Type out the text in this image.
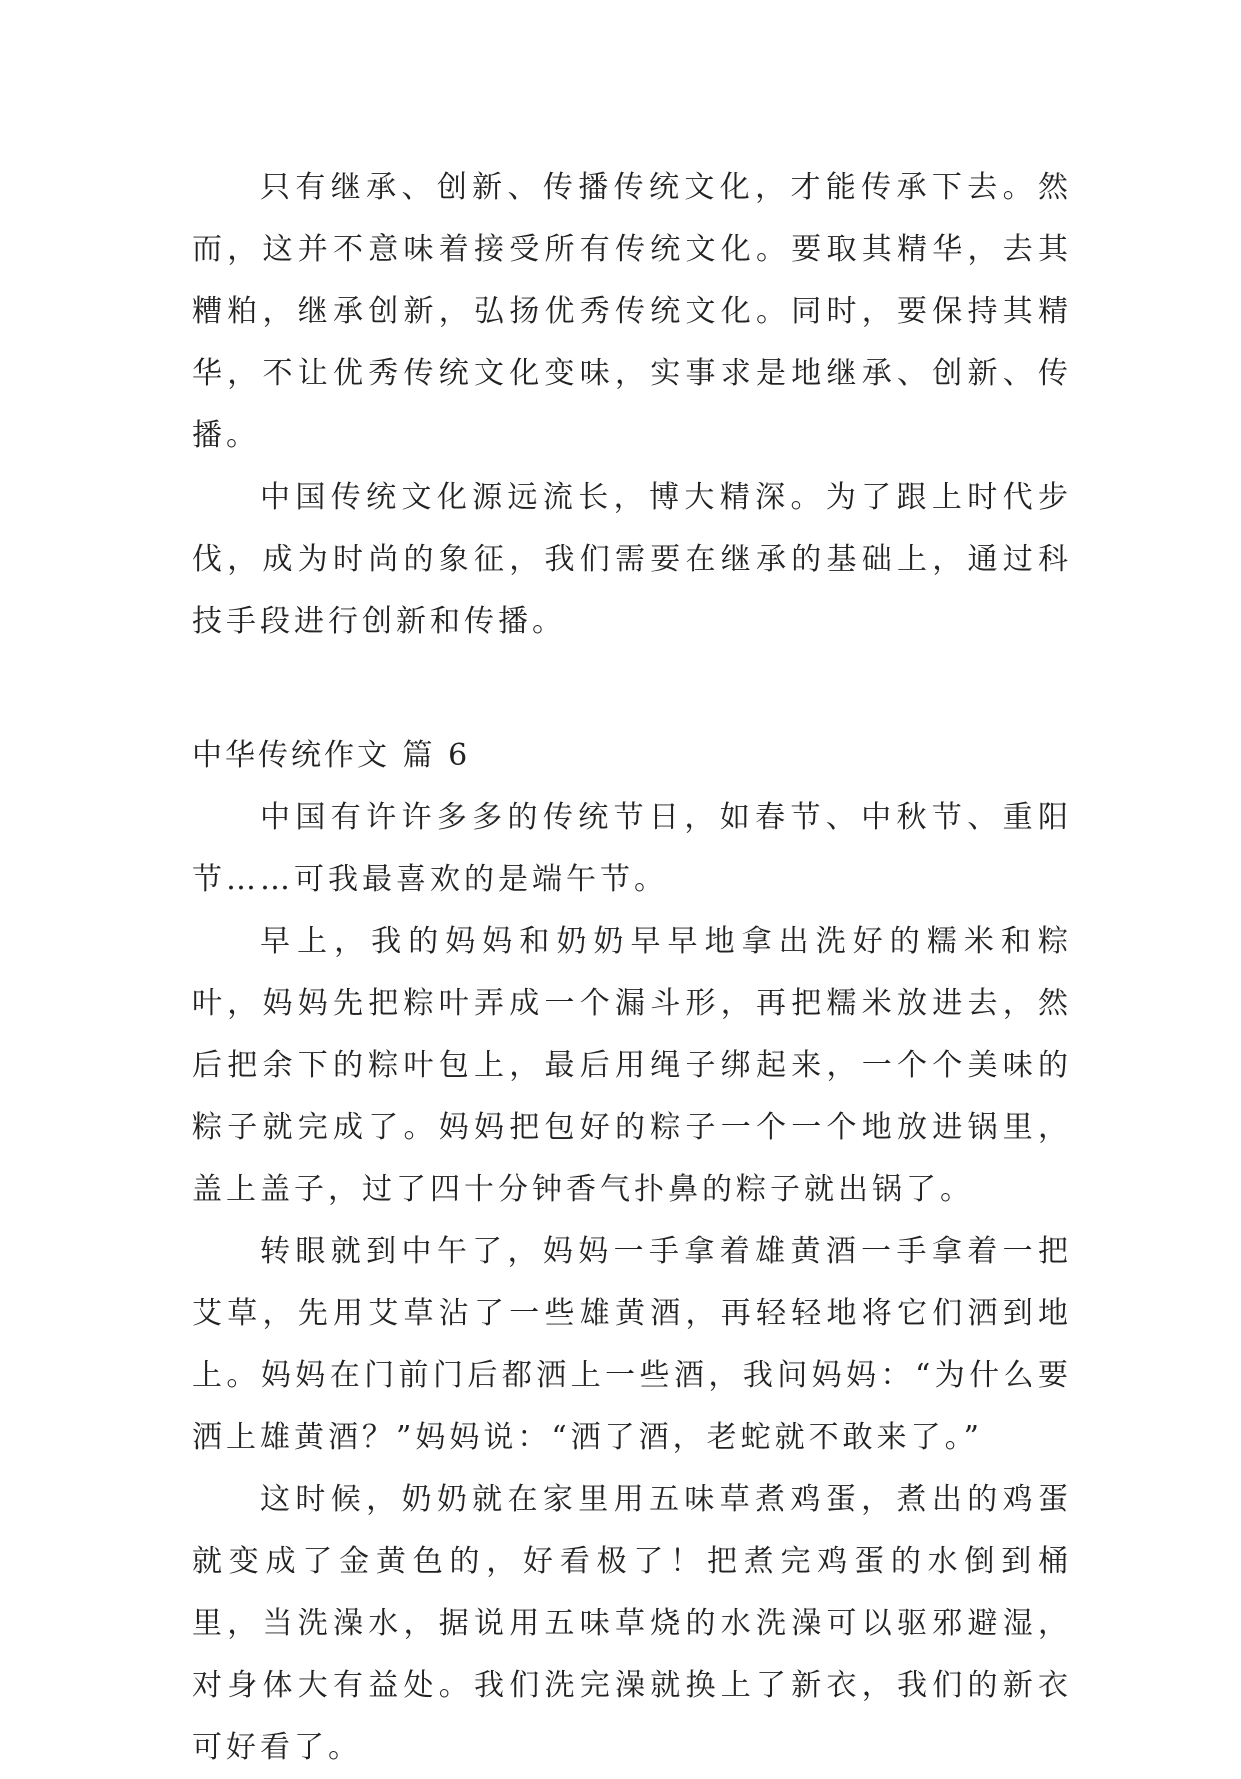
只有继承、创新、传播传统文化，才能传承下去。然而，这并不意味着接受所有传统文化。要取其精华，去其糟粕，继承创新，弘扬优秀传统文化。同时，要保持其精华，不让优秀传统文化变味，实事求是地继承、创新、传播。

中国传统文化源远流长，博大精深。为了跟上时代步伐，成为时尚的象征，我们需要在继承的基础上，通过科技手段进行创新和传播。

中华传统作文 篇 6

中国有许许多多的传统节日，如春节、中秋节、重阳节……可我最喜欢的是端午节。

早上，我的妈妈和奶奶早早地拿出洗好的糯米和粽叶，妈妈先把粽叶弄成一个漏斗形，再把糯米放进去，然后把余下的粽叶包上，最后用绳子绑起来，一个个美味的粽子就完成了。妈妈把包好的粽子一个一个地放进锅里，盖上盖子，过了四十分钟香气扑鼻的粽子就出锅了。

转眼就到中午了，妈妈一手拿着雄黄酒一手拿着一把艾草，先用艾草沾了一些雄黄酒，再轻轻地将它们洒到地上。妈妈在门前门后都洒上一些酒，我问妈妈：“为什么要洒上雄黄酒？”妈妈说：“洒了酒，老蛇就不敢来了。”

这时候，奶奶就在家里用五味草煮鸡蛋，煮出的鸡蛋就变成了金黄色的，好看极了！把煮完鸡蛋的水倒到桶里，当洗澡水，据说用五味草烧的水洗澡可以驱邪避湿，对身体大有益处。我们洗完澡就换上了新衣，我们的新衣可好看了。
